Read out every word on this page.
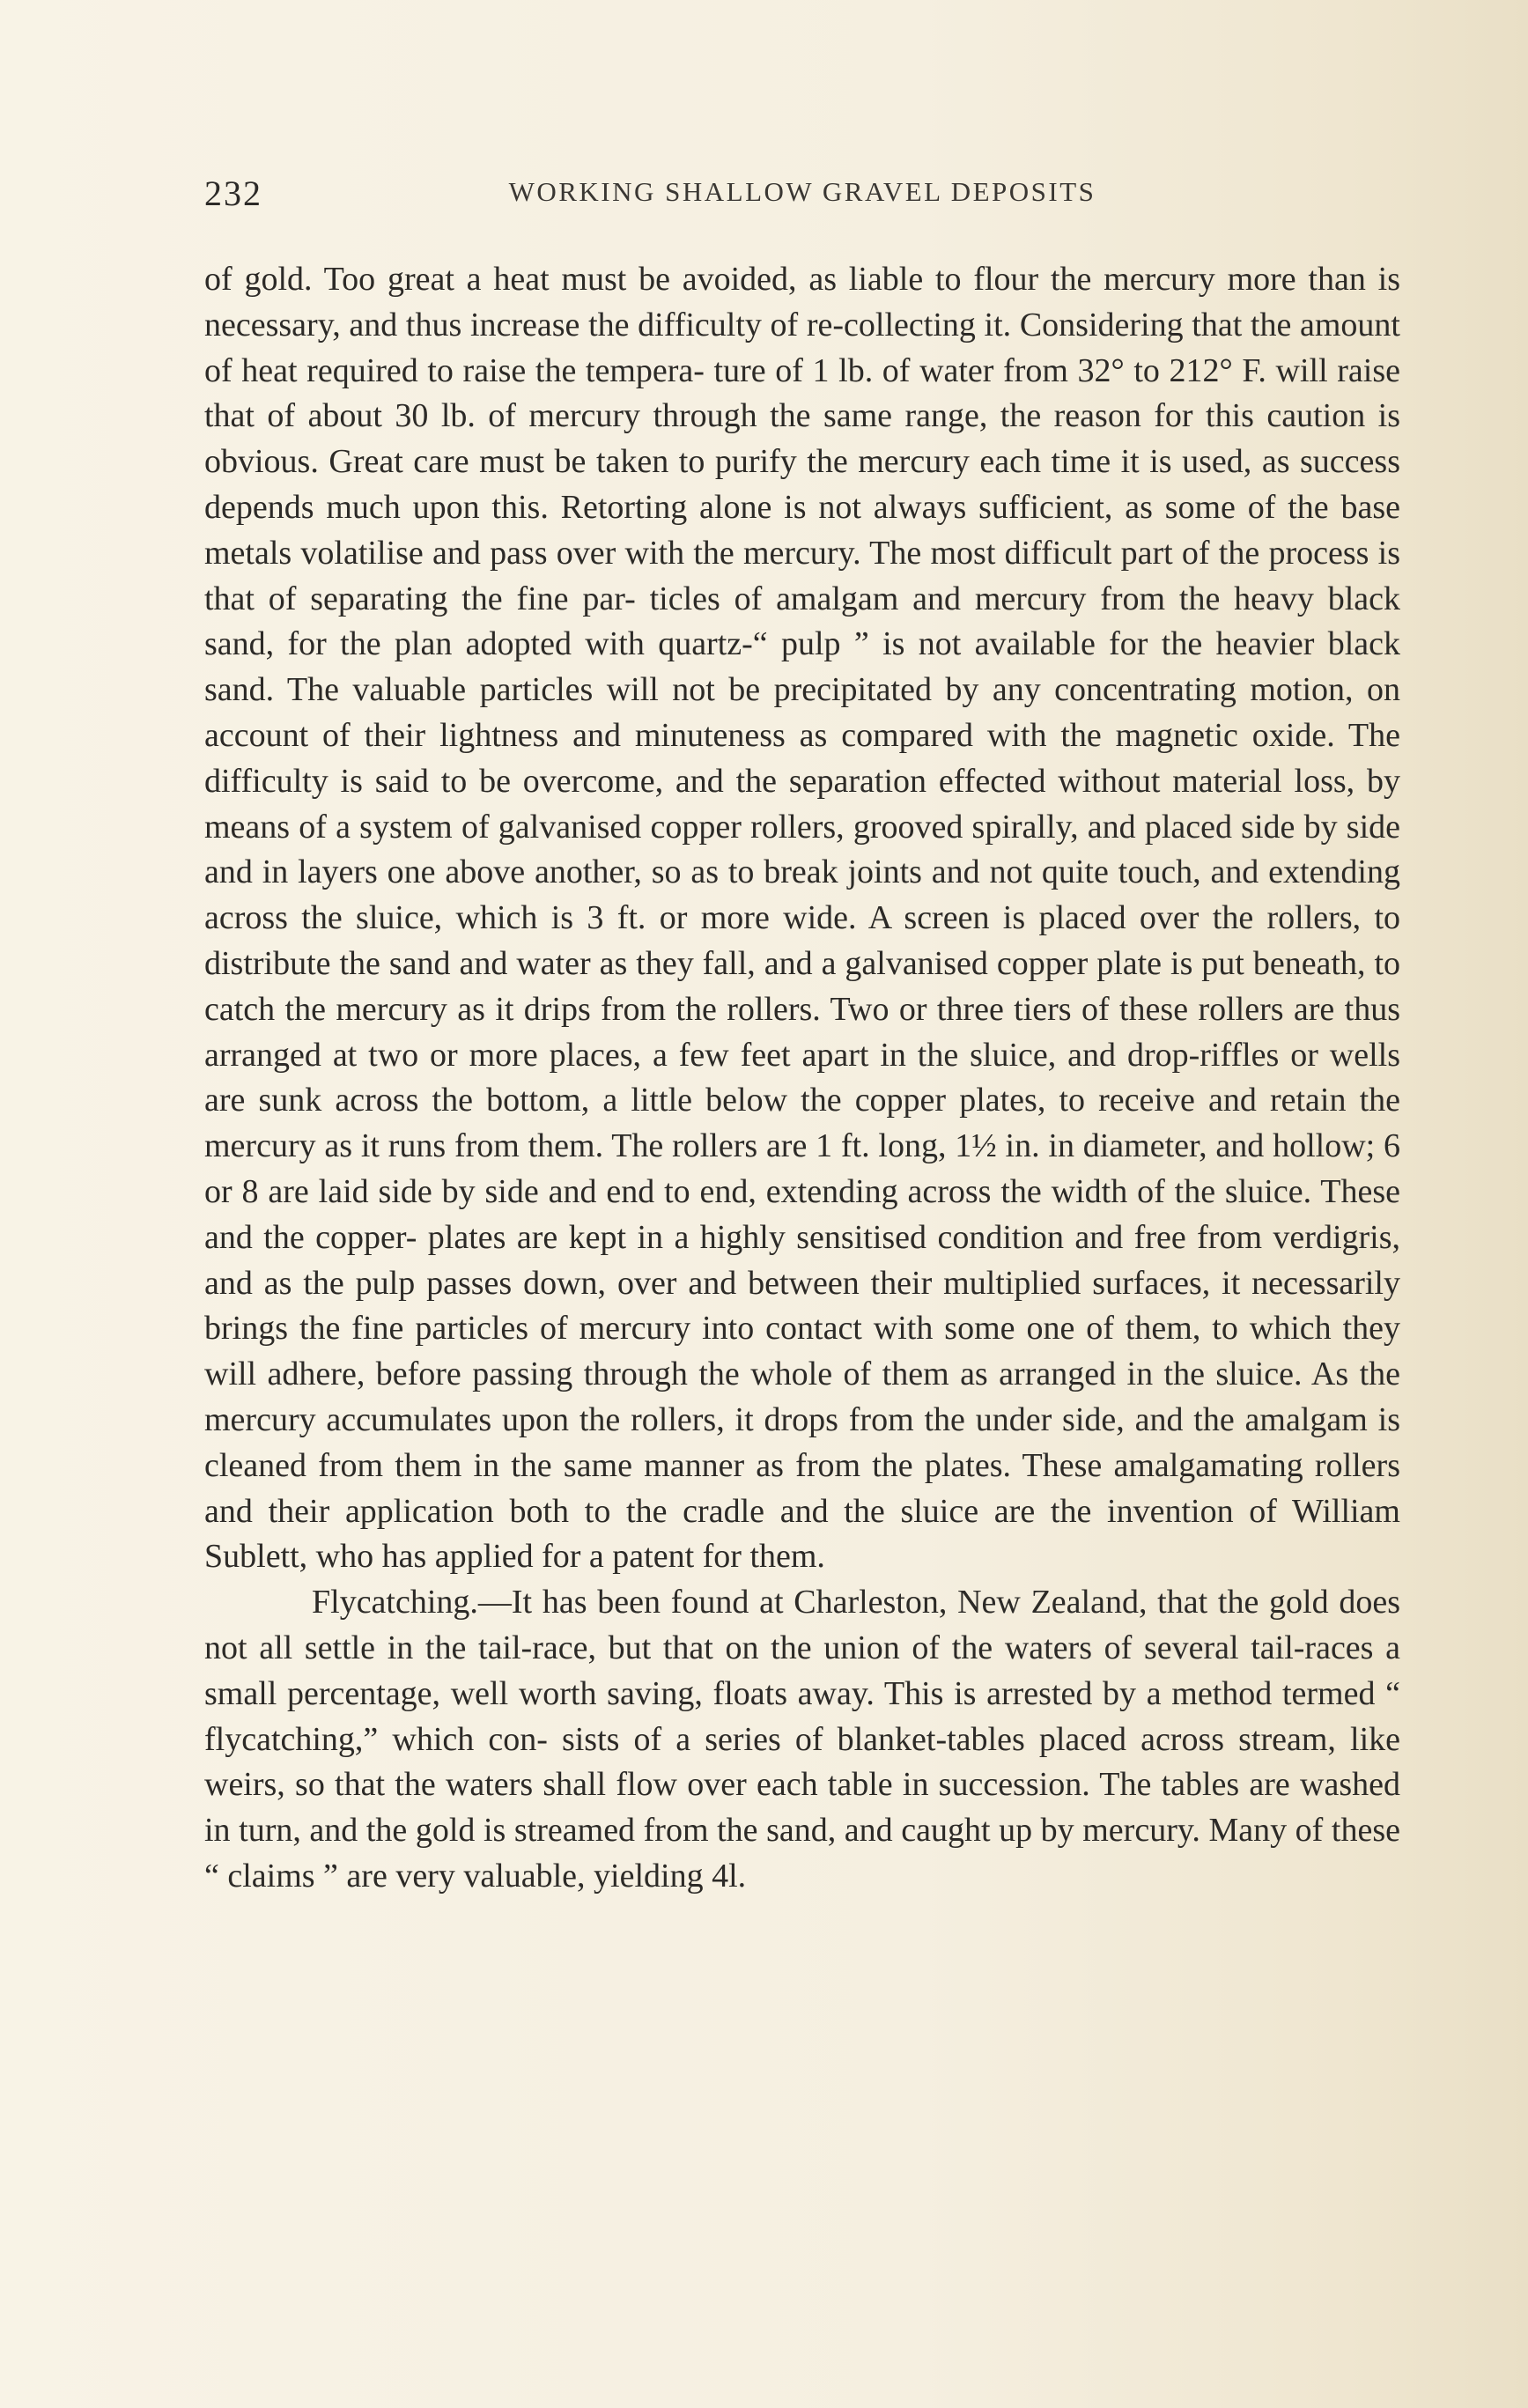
232	WORKING SHALLOW GRAVEL DEPOSITS

of gold. Too great a heat must be avoided, as liable to flour the mercury more than is necessary, and thus increase the difficulty of re-collecting it. Considering that the amount of heat required to raise the tempera- ture of 1 lb. of water from 32° to 212° F. will raise that of about 30 lb. of mercury through the same range, the reason for this caution is obvious. Great care must be taken to purify the mercury each time it is used, as success depends much upon this. Retorting alone is not always sufficient, as some of the base metals volatilise and pass over with the mercury. The most difficult part of the process is that of separating the fine par- ticles of amalgam and mercury from the heavy black sand, for the plan adopted with quartz-“ pulp ” is not available for the heavier black sand. The valuable particles will not be precipitated by any concentrating motion, on account of their lightness and minuteness as compared with the magnetic oxide. The difficulty is said to be overcome, and the separation effected without material loss, by means of a system of galvanised copper rollers, grooved spirally, and placed side by side and in layers one above another, so as to break joints and not quite touch, and extending across the sluice, which is 3 ft. or more wide. A screen is placed over the rollers, to distribute the sand and water as they fall, and a galvanised copper plate is put beneath, to catch the mercury as it drips from the rollers. Two or three tiers of these rollers are thus arranged at two or more places, a few feet apart in the sluice, and drop-riffles or wells are sunk across the bottom, a little below the copper plates, to receive and retain the mercury as it runs from them. The rollers are 1 ft. long, 1½ in. in diameter, and hollow; 6 or 8 are laid side by side and end to end, extending across the width of the sluice. These and the copper- plates are kept in a highly sensitised condition and free from verdigris, and as the pulp passes down, over and between their multiplied surfaces, it necessarily brings the fine particles of mercury into contact with some one of them, to which they will adhere, before passing through the whole of them as arranged in the sluice. As the mercury accumulates upon the rollers, it drops from the under side, and the amalgam is cleaned from them in the same manner as from the plates. These amalgamating rollers and their application both to the cradle and the sluice are the invention of William Sublett, who has applied for a patent for them.

Flycatching.—It has been found at Charleston, New Zealand, that the gold does not all settle in the tail-race, but that on the union of the waters of several tail-races a small percentage, well worth saving, floats away. This is arrested by a method termed “ flycatching,” which con- sists of a series of blanket-tables placed across stream, like weirs, so that the waters shall flow over each table in succession. The tables are washed in turn, and the gold is streamed from the sand, and caught up by mercury. Many of these “ claims ” are very valuable, yielding 4l.
